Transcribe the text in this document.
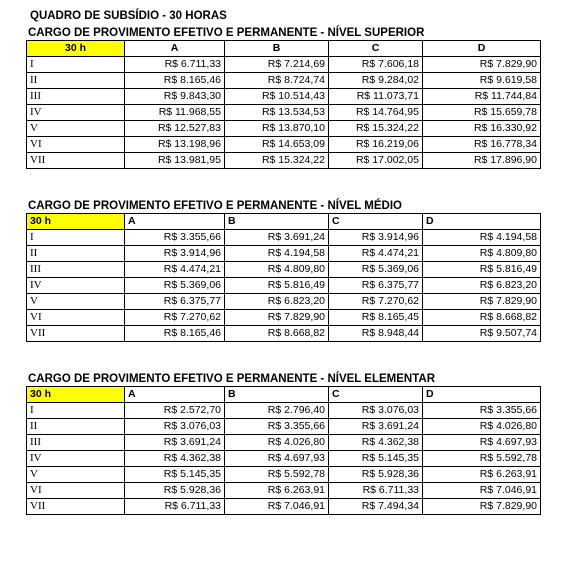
QUADRO DE SUBSÍDIO - 30 HORAS
CARGO DE PROVIMENTO EFETIVO E PERMANENTE - NÍVEL SUPERIOR
30 h	A	B	C	D
I	R$ 6.711,33	R$ 7.214,69	R$ 7.606,18	R$ 7.829,90
II	R$ 8.165,46	R$ 8.724,74	R$ 9.284,02	R$ 9.619,58
III	R$ 9.843,30	R$ 10.514,43	R$ 11.073,71	R$ 11.744,84
IV	R$ 11.968,55	R$ 13.534,53	R$ 14.764,95	R$ 15.659,78
V	R$ 12.527,83	R$ 13.870,10	R$ 15.324,22	R$ 16.330,92
VI	R$ 13.198,96	R$ 14.653,09	R$ 16.219,06	R$ 16.778,34
VII	R$ 13.981,95	R$ 15.324,22	R$ 17.002,05	R$ 17.896,90
CARGO DE PROVIMENTO EFETIVO E PERMANENTE - NÍVEL MÉDIO
30 h	A	B	C	D
I	R$ 3.355,66	R$ 3.691,24	R$ 3.914,96	R$ 4.194,58
II	R$ 3.914,96	R$ 4.194,58	R$ 4.474,21	R$ 4.809,80
III	R$ 4.474,21	R$ 4.809,80	R$ 5.369,06	R$ 5.816,49
IV	R$ 5.369,06	R$ 5.816,49	R$ 6.375,77	R$ 6.823,20
V	R$ 6.375,77	R$ 6.823,20	R$ 7.270,62	R$ 7.829,90
VI	R$ 7.270,62	R$ 7.829,90	R$ 8.165,45	R$ 8.668,82
VII	R$ 8.165,46	R$ 8.668,82	R$ 8.948,44	R$ 9.507,74
CARGO DE PROVIMENTO EFETIVO E PERMANENTE - NÍVEL ELEMENTAR
30 h	A	B	C	D
I	R$ 2.572,70	R$ 2.796,40	R$ 3.076,03	R$ 3.355,66
II	R$ 3.076,03	R$ 3.355,66	R$ 3.691,24	R$ 4.026,80
III	R$ 3.691,24	R$ 4.026,80	R$ 4.362,38	R$ 4.697,93
IV	R$ 4.362,38	R$ 4.697,93	R$ 5.145,35	R$ 5.592,78
V	R$ 5.145,35	R$ 5.592,78	R$ 5.928,36	R$ 6.263,91
VI	R$ 5.928,36	R$ 6.263,91	R$ 6.711,33	R$ 7.046,91
VII	R$ 6.711,33	R$ 7.046,91	R$ 7.494,34	R$ 7.829,90
